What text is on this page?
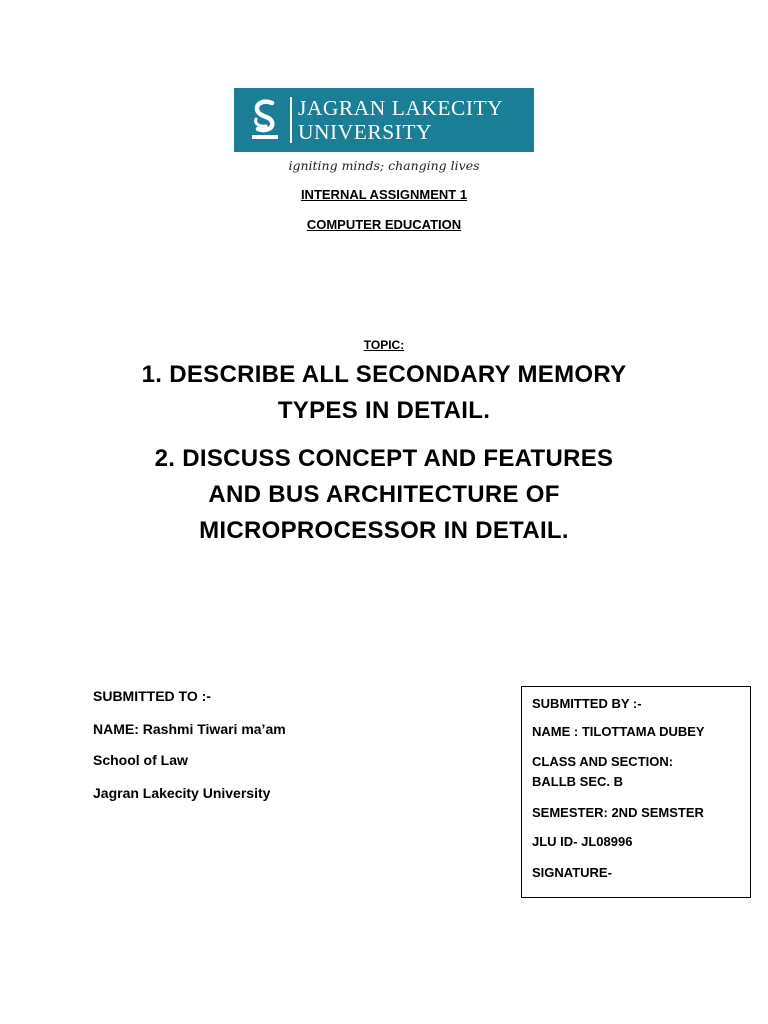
JAGRAN LAKECITY
UNIVERSITY
igniting minds; changing lives
INTERNAL ASSIGNMENT 1
COMPUTER EDUCATION
TOPIC:
1. DESCRIBE ALL SECONDARY MEMORY
TYPES IN DETAIL.
2. DISCUSS CONCEPT AND FEATURES
AND BUS ARCHITECTURE OF
MICROPROCESSOR IN DETAIL.
SUBMITTED TO :-
NAME: Rashmi Tiwari ma’am
School of Law
Jagran Lakecity University
SUBMITTED BY :-
NAME : TILOTTAMA DUBEY
CLASS AND SECTION:
BALLB SEC. B
SEMESTER: 2ND SEMSTER
JLU ID- JL08996
SIGNATURE-
